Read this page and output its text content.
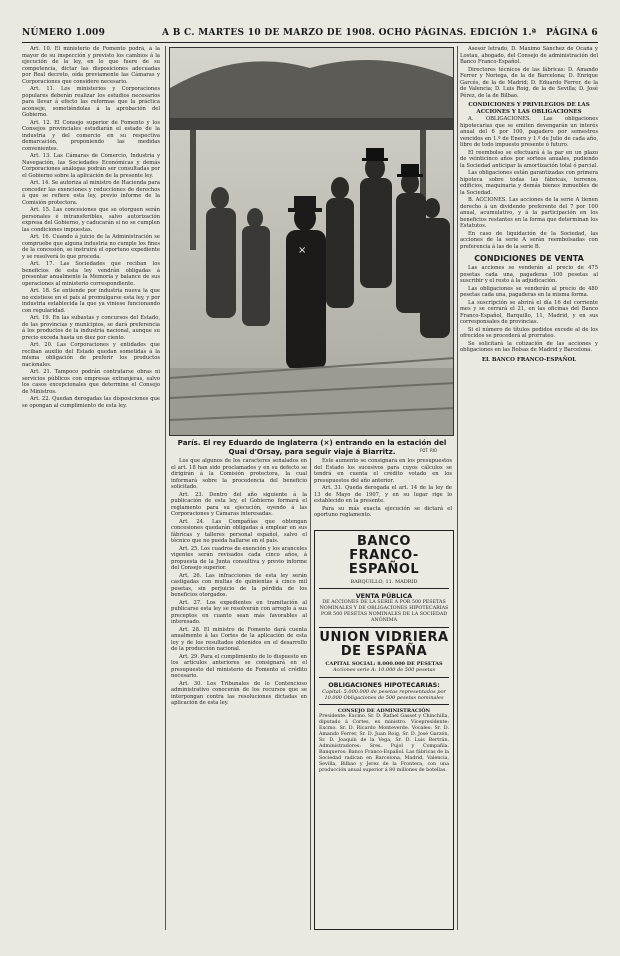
NÚMERO 1.009	A B C. MARTES 10 DE MARZO DE 1908. OCHO PÁGINAS. EDICIÓN 1.ª PÁGINA 6

Art. 10. El ministerio de Fomento podrá, á la mayor de su inspección y previsto los cambios á la ejecución de la ley, en lo que fuere de su competencia, dictar las disposiciones adecuadas por Real decreto, oída previamente las Cámaras y Corporaciones que considere necesario.

Art. 11. Los ministerios y Corporaciones populares deberán realizar los estudios necesarios para llevar á efecto las reformas que la práctica aconseje, sometiéndolas á la aprobación del Gobierno.

Art. 12. El Consejo superior de Fomento y los Consejos provinciales estudiarán el estado de la industria y del comercio en su respectiva demarcación, proponiendo las medidas convenientes.

Art. 13. Las Cámaras de Comercio, Industria y Navegación, las Sociedades Económicas y demás Corporaciones análogas podrán ser consultadas por el Gobierno sobre la aplicación de la presente ley.

Art. 14. Se autoriza al ministro de Hacienda para conceder las exenciones y reducciones de derechos á que se refiere esta ley, previo informe de la Comisión protectora.

Art. 15. Las concesiones que se otorguen serán personales é intransferibles, salvo autorización expresa del Gobierno, y caducarán si no se cumplen las condiciones impuestas.

Art. 16. Cuando á juicio de la Administración se compruebe que alguna industria no cumple los fines de la concesión, se instruirá el oportuno expediente y se resolverá lo que proceda.

Art. 17. Las Sociedades que reciban los beneficios de esta ley vendrán obligadas á presentar anualmente la Memoria y balance de sus operaciones al ministerio correspondiente.

Art. 18. Se entiende por industria nueva la que no existiese en el país al promulgarse esta ley, y por industria establecida la que ya viniese funcionando con regularidad.

Art. 19. En las subastas y concursos del Estado, de las provincias y municipios, se dará preferencia á los productos de la industria nacional, aunque su precio exceda hasta un diez por ciento.

Art. 20. Las Corporaciones y entidades que reciban auxilio del Estado quedan sometidas á la misma obligación de preferir los productos nacionales.

Art. 21. Tampoco podrán contratarse obras ni servicios públicos con empresas extranjeras, salvo los casos excepcionales que determine el Consejo de Ministros.

Art. 22. Quedan derogadas las disposiciones que se opongan al cumplimiento de esta ley.

×
París. El rey Eduardo de Inglaterra (×) entrando en la estación del Quai d'Orsay, para seguir viaje á Biarritz.	FOT. RIO

Los que algunos de los caracteres señalados en el art. 18 han sido proclamados y en su defecto se dirigirán á la Comisión protectora, la cual informará sobre la procedencia del beneficio solicitado.

Art. 23. Dentro del año siguiente á la publicación de esta ley, el Gobierno formará el reglamento para su ejecución, oyendo á las Corporaciones y Cámaras interesadas.

Art. 24. Las Compañías que obtengan concesiones quedarán obligadas á emplear en sus fábricas y talleres personal español, salvo el técnico que no pueda hallarse en el país.

Art. 25. Los cuadros de exención y los aranceles vigentes serán revisados cada cinco años, á propuesta de la Junta consultiva y previo informe del Consejo superior.

Art. 26. Las infracciones de esta ley serán castigadas con multas de quinientas á cinco mil pesetas, sin perjuicio de la pérdida de los beneficios otorgados.

Art. 27. Los expedientes en tramitación al publicarse esta ley se resolverán con arreglo á sus preceptos en cuanto sean más favorables al interesado.

Art. 28. El ministro de Fomento dará cuenta anualmente á las Cortes de la aplicación de esta ley y de los resultados obtenidos en el desarrollo de la producción nacional.

Art. 29. Para el cumplimiento de lo dispuesto en los artículos anteriores se consignará en el presupuesto del ministerio de Fomento el crédito necesario.

Art. 30. Los Tribunales de lo Contencioso administrativo conocerán de los recursos que se interpongan contra las resoluciones dictadas en aplicación de esta ley.

Este aumento se consignará en los presupuestos del Estado los sucesivos para cuyos cálculos se tendrá en cuenta el crédito votado en los presupuestos del año anterior.

Art. 31. Queda derogada el art. 14 de la ley de 13 de Mayo de 1907, y en su lugar rige lo establecido en la presente.

Para su más exacta ejecución se dictará el oportuno reglamento.

BANCO
FRANCO-ESPAÑOL
BARQUILLO, 11. MADRID
VENTA PÚBLICA
DE ACCIONES DE LA SERIE A POR 500 PESETAS NOMINALES Y DE OBLIGACIONES HIPOTECARIAS POR 500 PESETAS NOMINALES DE LA SOCIEDAD ANÓNIMA
UNION VIDRIERA
DE ESPAÑA
CAPITAL SOCIAL: 8.000.000 DE PESETAS
Acciones serie A: 10.000 de 500 pesetas
OBLIGACIONES HIPOTECARIAS:
Capital: 5.000.000 de pesetas representados por 10.000 Obligaciones de 500 pesetas nominales
CONSEJO DE ADMINISTRACIÓN
Presidente: Excmo. Sr. D. Rafael Gasset y Chinchilla, diputado á Cortes, ex ministro. Vicepresidente: Excmo. Sr. D. Ricardo Monteverde. Vocales: Sr. D. Amando Ferrer, Sr. D. Juan Roig, Sr. D. José Garzón, Sr. D. Joaquín de la Vega, Sr. D. Luis Bertrán. Administradores: Sres. Pujol y Compañía. Banqueros: Banco Franco-Español. Las fábricas de la Sociedad radican en Barcelona, Madrid, Valencia, Sevilla, Bilbao y Jerez de la Frontera, con una producción anual superior á 80 millones de botellas.

Asesor letrado, D. Máximo Sánchez de Ocaña y Lostau, abogado, del Consejo de administración del Banco Franco-Español.

Directores técnicos de las fábricas: D. Amando Ferrer y Noriega, de la de Barcelona; D. Enrique Garcés, de la de Madrid; D. Eduardo Ferrer, de la de Valencia; D. Luis Roig, de la de Sevilla; D. José Pérez, de la de Bilbao.

CONDICIONES Y PRIVILEGIOS DE LAS ACCIONES Y LAS OBLIGACIONES

A. OBLIGACIONES. Las obligaciones hipotecarias que se emiten devengarán un interés anual del 6 por 100, pagadero por semestres vencidos en 1.º de Enero y 1.º de Julio de cada año, libre de todo impuesto presente ó futuro.

El reembolso se efectuará á la par en un plazo de veinticinco años por sorteos anuales, pudiendo la Sociedad anticipar la amortización total ó parcial.

Las obligaciones están garantizadas con primera hipoteca sobre todas las fábricas, terrenos, edificios, maquinaria y demás bienes inmuebles de la Sociedad.

B. ACCIONES. Las acciones de la serie A tienen derecho á un dividendo preferente del 7 por 100 anual, acumulativo, y á la participación en los beneficios restantes en la forma que determinan los Estatutos.

En caso de liquidación de la Sociedad, las acciones de la serie A serán reembolsadas con preferencia á las de la serie B.

CONDICIONES DE VENTA

Las acciones se venderán al precio de 475 pesetas cada una, pagaderas 100 pesetas al suscribir y el resto á la adjudicación.

Las obligaciones se venderán al precio de 480 pesetas cada una, pagaderas en la misma forma.

La suscripción se abrirá el día 16 del corriente mes y se cerrará el 21, en las oficinas del Banco Franco-Español, Barquillo, 11, Madrid, y en sus corresponsales de provincias.

Si el número de títulos pedidos excede al de los ofrecidos se procederá al prorrateo.

Se solicitará la cotización de las acciones y obligaciones en las Bolsas de Madrid y Barcelona.

EL BANCO FRANCO-ESPAÑOL
